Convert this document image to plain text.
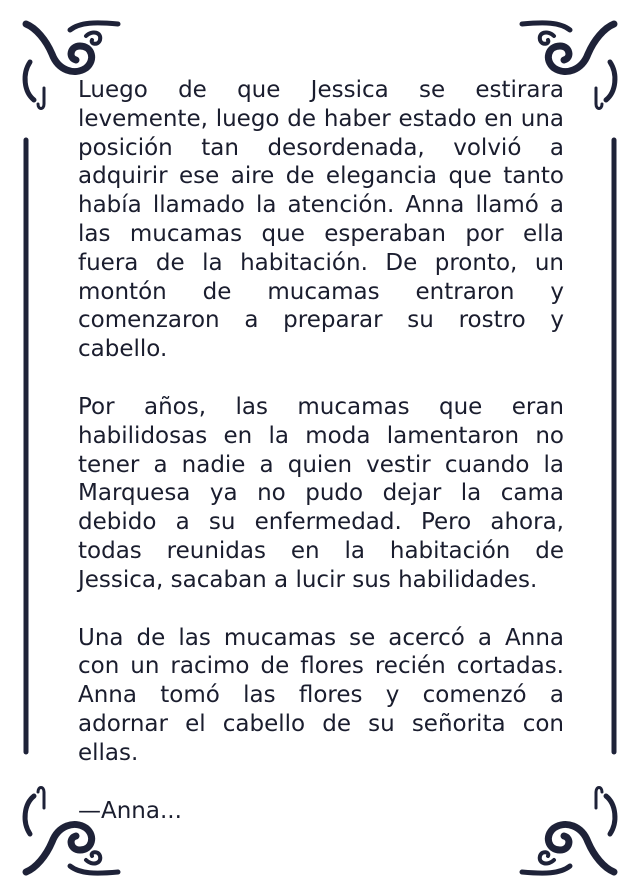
Luego de que Jessica se estirara levemente, luego de haber estado en una posición tan desordenada, volvió a adquirir ese aire de elegancia que tanto había llamado la atención. Anna llamó a las mucamas que esperaban por ella fuera de la habitación. De pronto, un montón de mucamas entraron y comenzaron a preparar su rostro y cabello.

Por años, las mucamas que eran habilidosas en la moda lamentaron no tener a nadie a quien vestir cuando la Marquesa ya no pudo dejar la cama debido a su enfermedad. Pero ahora, todas reunidas en la habitación de Jessica, sacaban a lucir sus habilidades.

Una de las mucamas se acercó a Anna con un racimo de flores recién cortadas. Anna tomó las flores y comenzó a adornar el cabello de su señorita con ellas.

—Anna...
